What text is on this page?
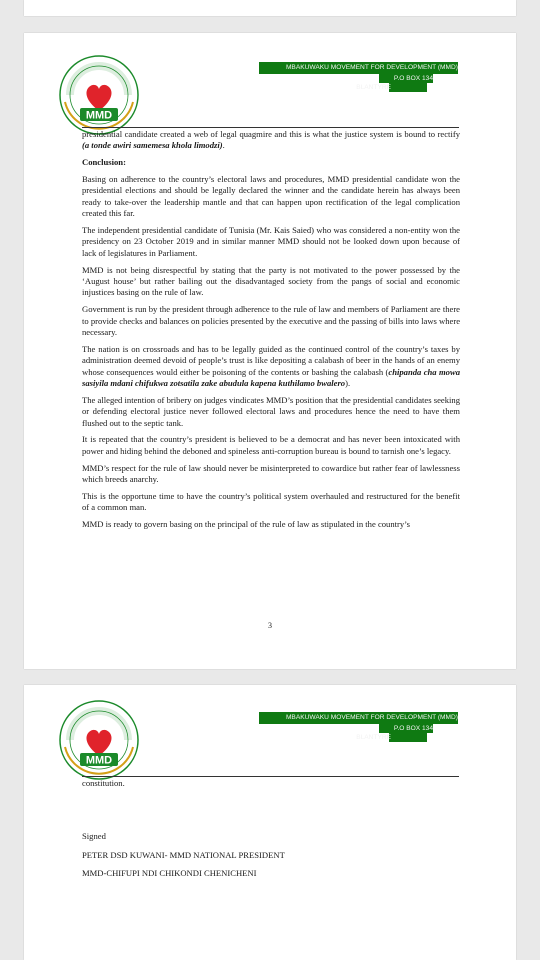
MMD
MBAKUWAKU MOVEMENT FOR DEVELOPMENT (MMD)
P.O BOX 134
BLANTYRE

presidential candidate created a web of legal quagmire and this is what the justice system is bound to rectify (a tonde awiri samemesa khola limodzi).

Conclusion:

Basing on adherence to the country’s electoral laws and procedures, MMD presidential candidate won the presidential elections and should be legally declared the winner and the candidate herein has always been ready to take-over the leadership mantle and that can happen upon rectification of the legal complication created this far.

The independent presidential candidate of Tunisia (Mr. Kais Saied) who was considered a non-entity won the presidency on 23 October 2019 and in similar manner MMD should not be looked down upon because of lack of legislatures in Parliament.

MMD is not being disrespectful by stating that the party is not motivated to the power possessed by the ‘August house’ but rather bailing out the disadvantaged society from the pangs of social and economic injustices basing on the rule of law.

Government is run by the president through adherence to the rule of law and members of Parliament are there to provide checks and balances on policies presented by the executive and the passing of bills into laws where necessary.

The nation is on crossroads and has to be legally guided as the continued control of the country’s taxes by administration deemed devoid of people’s trust is like depositing a calabash of beer in the hands of an enemy whose consequences would either be poisoning of the contents or bashing the calabash (chipanda cha mowa sasiyila mdani chifukwa zotsatila zake abudula kapena kuthilamo bwalero).

The alleged intention of bribery on judges vindicates MMD’s position that the presidential candidates seeking or defending electoral justice never followed electoral laws and procedures hence the need to have them flushed out to the septic tank.

It is repeated that the country’s president is believed to be a democrat and has never been intoxicated with power and hiding behind the deboned and spineless anti-corruption bureau is bound to tarnish one’s legacy.

MMD’s respect for the rule of law should never be misinterpreted to cowardice but rather fear of lawlessness which breeds anarchy.

This is the opportune time to have the country’s political system overhauled and restructured for the benefit of a common man.

MMD is ready to govern basing on the principal of the rule of law as stipulated in the country’s

3
MMD
MBAKUWAKU MOVEMENT FOR DEVELOPMENT (MMD)
P.O BOX 134
BLANTYRE
constitution.
Signed
PETER DSD KUWANI- MMD NATIONAL PRESIDENT
MMD-CHIFUPI NDI CHIKONDI CHENICHENI
